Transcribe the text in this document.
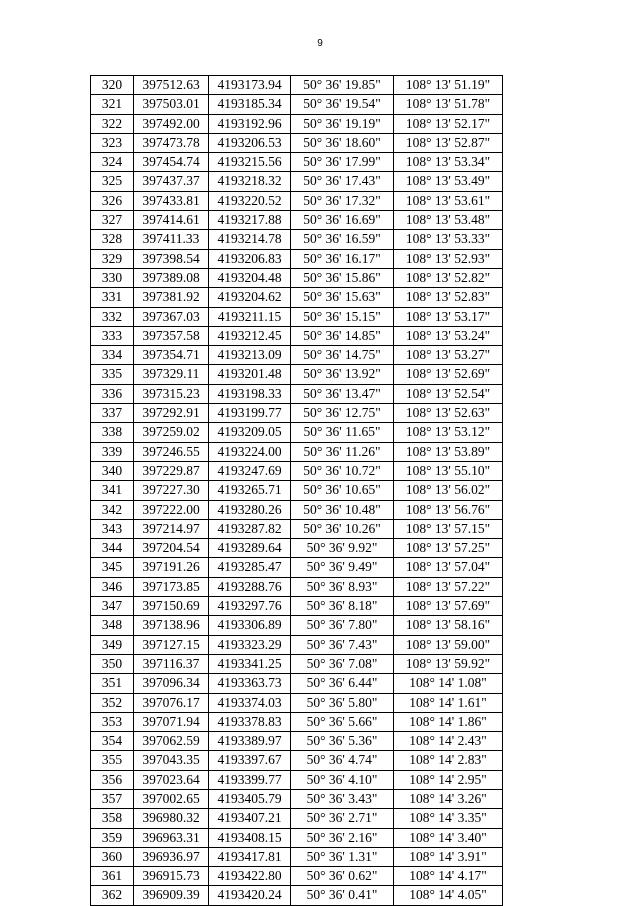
9
320	397512.63	4193173.94	50° 36' 19.85"	108° 13' 51.19"
321	397503.01	4193185.34	50° 36' 19.54"	108° 13' 51.78"
322	397492.00	4193192.96	50° 36' 19.19"	108° 13' 52.17"
323	397473.78	4193206.53	50° 36' 18.60"	108° 13' 52.87"
324	397454.74	4193215.56	50° 36' 17.99"	108° 13' 53.34"
325	397437.37	4193218.32	50° 36' 17.43"	108° 13' 53.49"
326	397433.81	4193220.52	50° 36' 17.32"	108° 13' 53.61"
327	397414.61	4193217.88	50° 36' 16.69"	108° 13' 53.48"
328	397411.33	4193214.78	50° 36' 16.59"	108° 13' 53.33"
329	397398.54	4193206.83	50° 36' 16.17"	108° 13' 52.93"
330	397389.08	4193204.48	50° 36' 15.86"	108° 13' 52.82"
331	397381.92	4193204.62	50° 36' 15.63"	108° 13' 52.83"
332	397367.03	4193211.15	50° 36' 15.15"	108° 13' 53.17"
333	397357.58	4193212.45	50° 36' 14.85"	108° 13' 53.24"
334	397354.71	4193213.09	50° 36' 14.75"	108° 13' 53.27"
335	397329.11	4193201.48	50° 36' 13.92"	108° 13' 52.69"
336	397315.23	4193198.33	50° 36' 13.47"	108° 13' 52.54"
337	397292.91	4193199.77	50° 36' 12.75"	108° 13' 52.63"
338	397259.02	4193209.05	50° 36' 11.65"	108° 13' 53.12"
339	397246.55	4193224.00	50° 36' 11.26"	108° 13' 53.89"
340	397229.87	4193247.69	50° 36' 10.72"	108° 13' 55.10"
341	397227.30	4193265.71	50° 36' 10.65"	108° 13' 56.02"
342	397222.00	4193280.26	50° 36' 10.48"	108° 13' 56.76"
343	397214.97	4193287.82	50° 36' 10.26"	108° 13' 57.15"
344	397204.54	4193289.64	50° 36' 9.92"	108° 13' 57.25"
345	397191.26	4193285.47	50° 36' 9.49"	108° 13' 57.04"
346	397173.85	4193288.76	50° 36' 8.93"	108° 13' 57.22"
347	397150.69	4193297.76	50° 36' 8.18"	108° 13' 57.69"
348	397138.96	4193306.89	50° 36' 7.80"	108° 13' 58.16"
349	397127.15	4193323.29	50° 36' 7.43"	108° 13' 59.00"
350	397116.37	4193341.25	50° 36' 7.08"	108° 13' 59.92"
351	397096.34	4193363.73	50° 36' 6.44"	108° 14' 1.08"
352	397076.17	4193374.03	50° 36' 5.80"	108° 14' 1.61"
353	397071.94	4193378.83	50° 36' 5.66"	108° 14' 1.86"
354	397062.59	4193389.97	50° 36' 5.36"	108° 14' 2.43"
355	397043.35	4193397.67	50° 36' 4.74"	108° 14' 2.83"
356	397023.64	4193399.77	50° 36' 4.10"	108° 14' 2.95"
357	397002.65	4193405.79	50° 36' 3.43"	108° 14' 3.26"
358	396980.32	4193407.21	50° 36' 2.71"	108° 14' 3.35"
359	396963.31	4193408.15	50° 36' 2.16"	108° 14' 3.40"
360	396936.97	4193417.81	50° 36' 1.31"	108° 14' 3.91"
361	396915.73	4193422.80	50° 36' 0.62"	108° 14' 4.17"
362	396909.39	4193420.24	50° 36' 0.41"	108° 14' 4.05"
